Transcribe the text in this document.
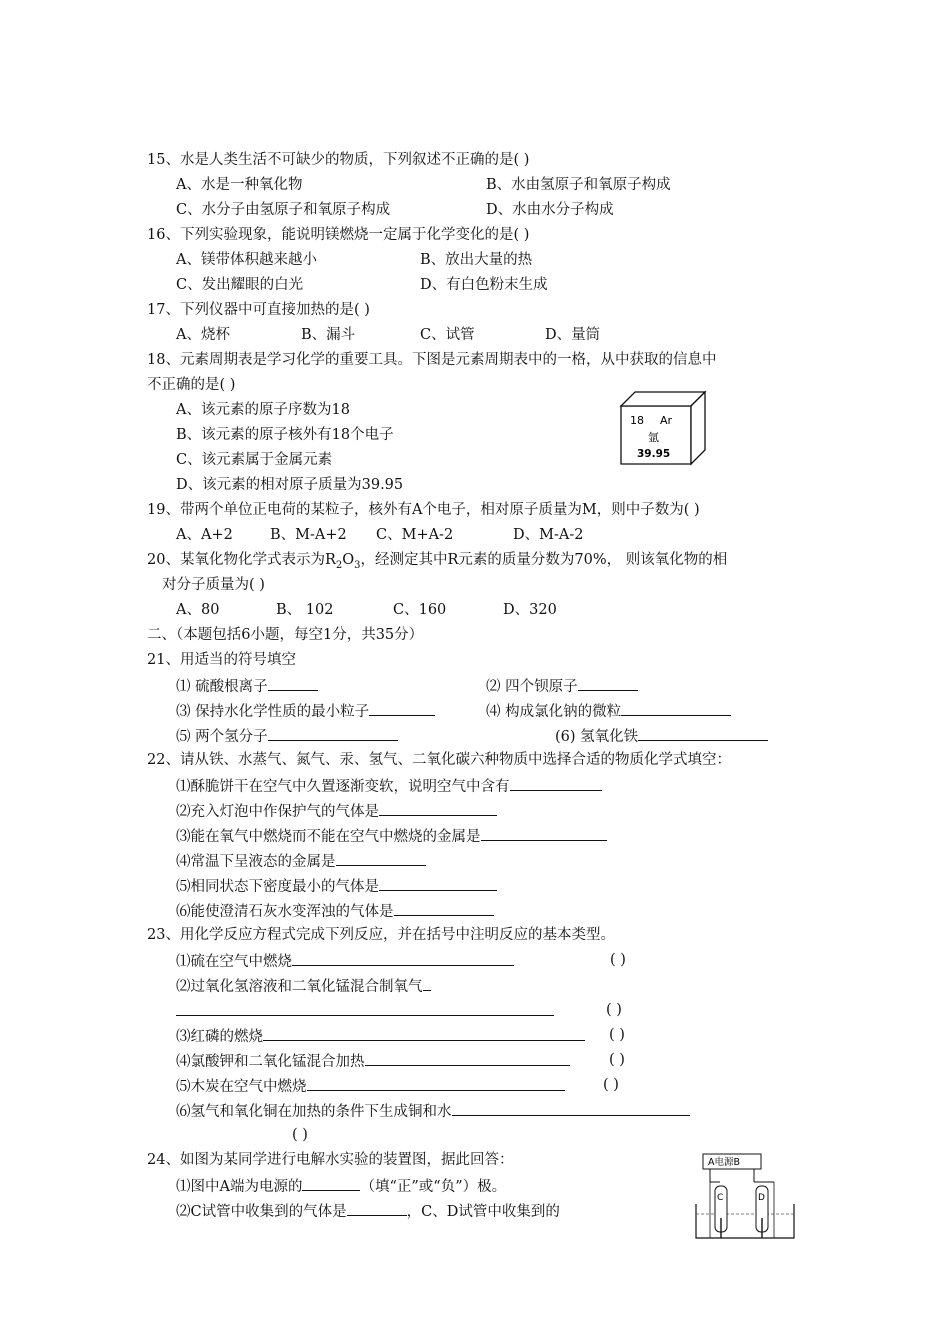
15、水是人类生活不可缺少的物质，下列叙述不正确的是( )
A、水是一种氧化物	B、水由氢原子和氧原子构成
C、水分子由氢原子和氧原子构成	D、水由水分子构成
16、下列实验现象，能说明镁燃烧一定属于化学变化的是( )
A、镁带体积越来越小	B、放出大量的热
C、发出耀眼的白光	D、有白色粉末生成
17、下列仪器中可直接加热的是( )
A、烧杯	B、漏斗	C、试管	D、量筒
18、元素周期表是学习化学的重要工具。下图是元素周期表中的一格，从中获取的信息中
不正确的是( )
A、该元素的原子序数为18
B、该元素的原子核外有18个电子
C、该元素属于金属元素
D、该元素的相对原子质量为39.95
18 Ar
氩
39.95
19、带两个单位正电荷的某粒子，核外有A个电子，相对原子质量为M，则中子数为( )
A、A+2	B、M-A+2 C、M+A-2	D、M-A-2
20、某氧化物化学式表示为$R_2O_3$，经测定其中R元素的质量分数为70%， 则该氧化物的相
对分子质量为( )
A、80	B、 102	C、160	D、320
二、（本题包括6小题，每空1分，共35分）
21、用适当的符号填空
⑴ 硫酸根离子	⑵ 四个钡原子
⑶ 保持水化学性质的最小粒子	⑷ 构成氯化钠的微粒
⑸ 两个氢分子	(6) 氢氧化铁
22、请从铁、水蒸气、氮气、汞、氢气、二氧化碳六种物质中选择合适的物质化学式填空：
⑴酥脆饼干在空气中久置逐渐变软，说明空气中含有
⑵充入灯泡中作保护气的气体是
⑶能在氧气中燃烧而不能在空气中燃烧的金属是
⑷常温下呈液态的金属是
⑸相同状态下密度最小的气体是
⑹能使澄清石灰水变浑浊的气体是
23、用化学反应方程式完成下列反应，并在括号中注明反应的基本类型。
⑴硫在空气中燃烧	( )
⑵过氧化氢溶液和二氧化锰混合制氧气
( )
⑶红磷的燃烧	( )
⑷氯酸钾和二氧化锰混合加热	( )
⑸木炭在空气中燃烧	( )
⑹氢气和氧化铜在加热的条件下生成铜和水
( )
24、如图为某同学进行电解水实验的装置图，据此回答：
⑴图中A端为电源的	（填“正”或“负”）极。
⑵C试管中收集到的气体是	，C、D试管中收集到的
A电源B
C	D
